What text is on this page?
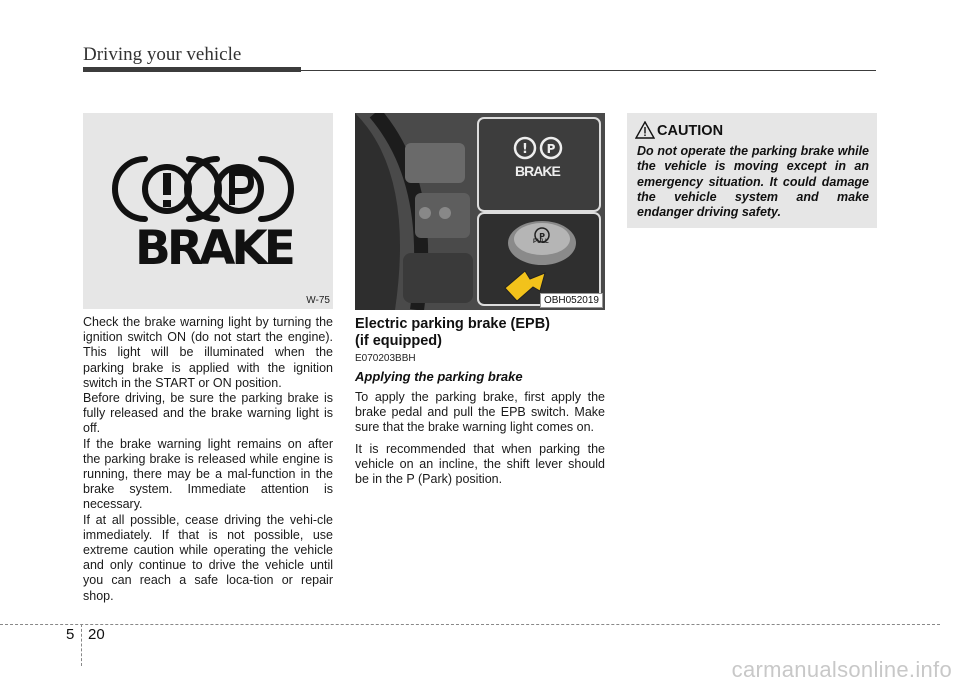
Driving your vehicle
BRAKE
W-75

Check the brake warning light by turning the ignition switch ON (do not start the engine). This light will be illuminated when the parking brake is applied with the ignition switch in the START or ON position.

Before driving, be sure the parking brake is fully released and the brake warning light is off.

If the brake warning light remains on after the parking brake is released while engine is running, there may be a mal-function in the brake system. Immediate attention is necessary.

If at all possible, cease driving the vehi-cle immediately. If that is not possible, use extreme caution while operating the vehicle and only continue to drive the vehicle until you can reach a safe loca-tion or repair shop.

! P
P
BRAKE
PULL
OBH052019
Electric parking brake (EPB)
(if equipped)
E070203BBH
Applying the parking brake

To apply the parking brake, first apply the brake pedal and pull the EPB switch. Make sure that the brake warning light comes on.

It is recommended that when parking the vehicle on an incline, the shift lever should be in the P (Park) position.

CAUTION
Do not operate the parking brake while the vehicle is moving except in an emergency situation. It could damage the vehicle system and make endanger driving safety.
5 20
carmanualsonline.info
